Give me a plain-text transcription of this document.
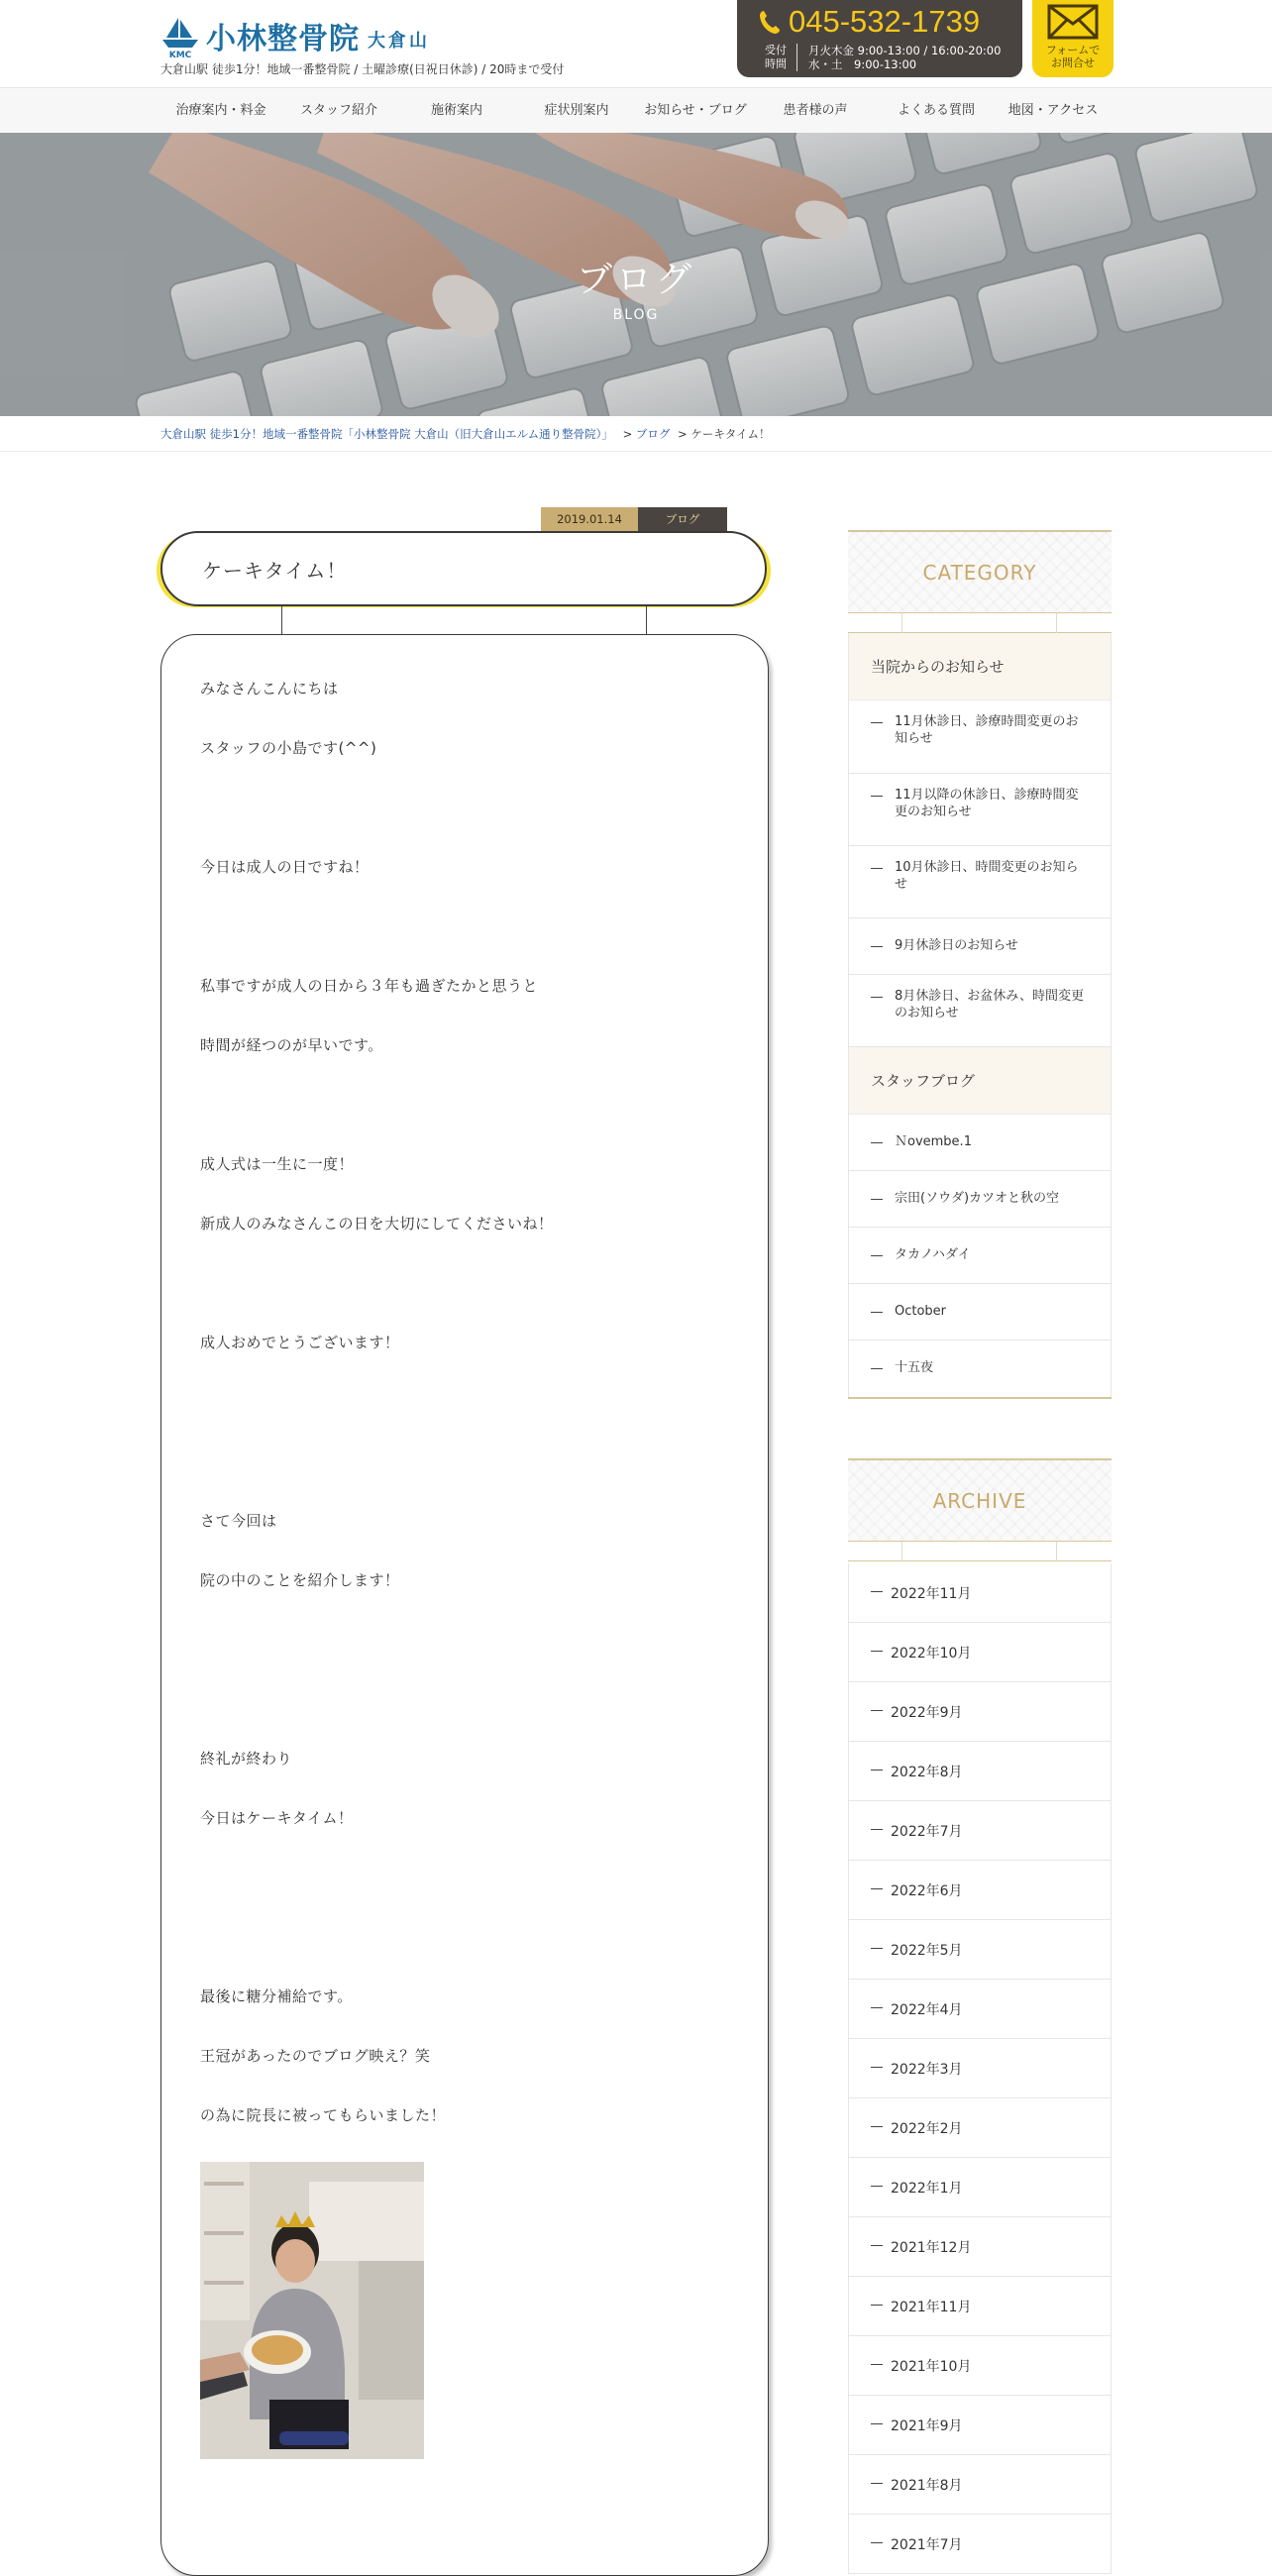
KMC 小林整骨院 大倉山
大倉山駅 徒歩1分！地域一番整骨院 / 土曜診療(日祝日休診) / 20時まで受付
045-532-1739
受付
時間
月火木金 9:00-13:00 / 16:00-20:00
水・土　9:00-13:00
フォームで
お問合せ
治療案内・料金	スタッフ紹介	施術案内	症状別案内	お知らせ・ブログ	患者様の声	よくある質問	地図・アクセス
ブログ
BLOG
大倉山駅 徒歩1分！地域一番整骨院「小林整骨院 大倉山（旧大倉山エルム通り整骨院）」 > ブログ > ケーキタイム！
2019.01.14	ブログ
ケーキタイム！
みなさんこんにちは
スタッフの小島です(^^)
今日は成人の日ですね！
私事ですが成人の日から３年も過ぎたかと思うと
時間が経つのが早いです。
成人式は一生に一度！
新成人のみなさんこの日を大切にしてくださいね！
成人おめでとうございます！
さて今回は
院の中のことを紹介します！
終礼が終わり
今日はケーキタイム！
最後に糖分補給です。
王冠があったのでブログ映え？笑
の為に院長に被ってもらいました！
CATEGORY
当院からのお知らせ
11月休診日、診療時間変更のお知らせ
11月以降の休診日、診療時間変更のお知らせ
10月休診日、時間変更のお知らせ
9月休診日のお知らせ
8月休診日、お盆休み、時間変更のお知らせ
スタッフブログ
Ｎovembe.1
宗田(ソウダ)カツオと秋の空
タカノハダイ
October
十五夜
ARCHIVE
2022年11月
2022年10月
2022年9月
2022年8月
2022年7月
2022年6月
2022年5月
2022年4月
2022年3月
2022年2月
2022年1月
2021年12月
2021年11月
2021年10月
2021年9月
2021年8月
2021年7月
